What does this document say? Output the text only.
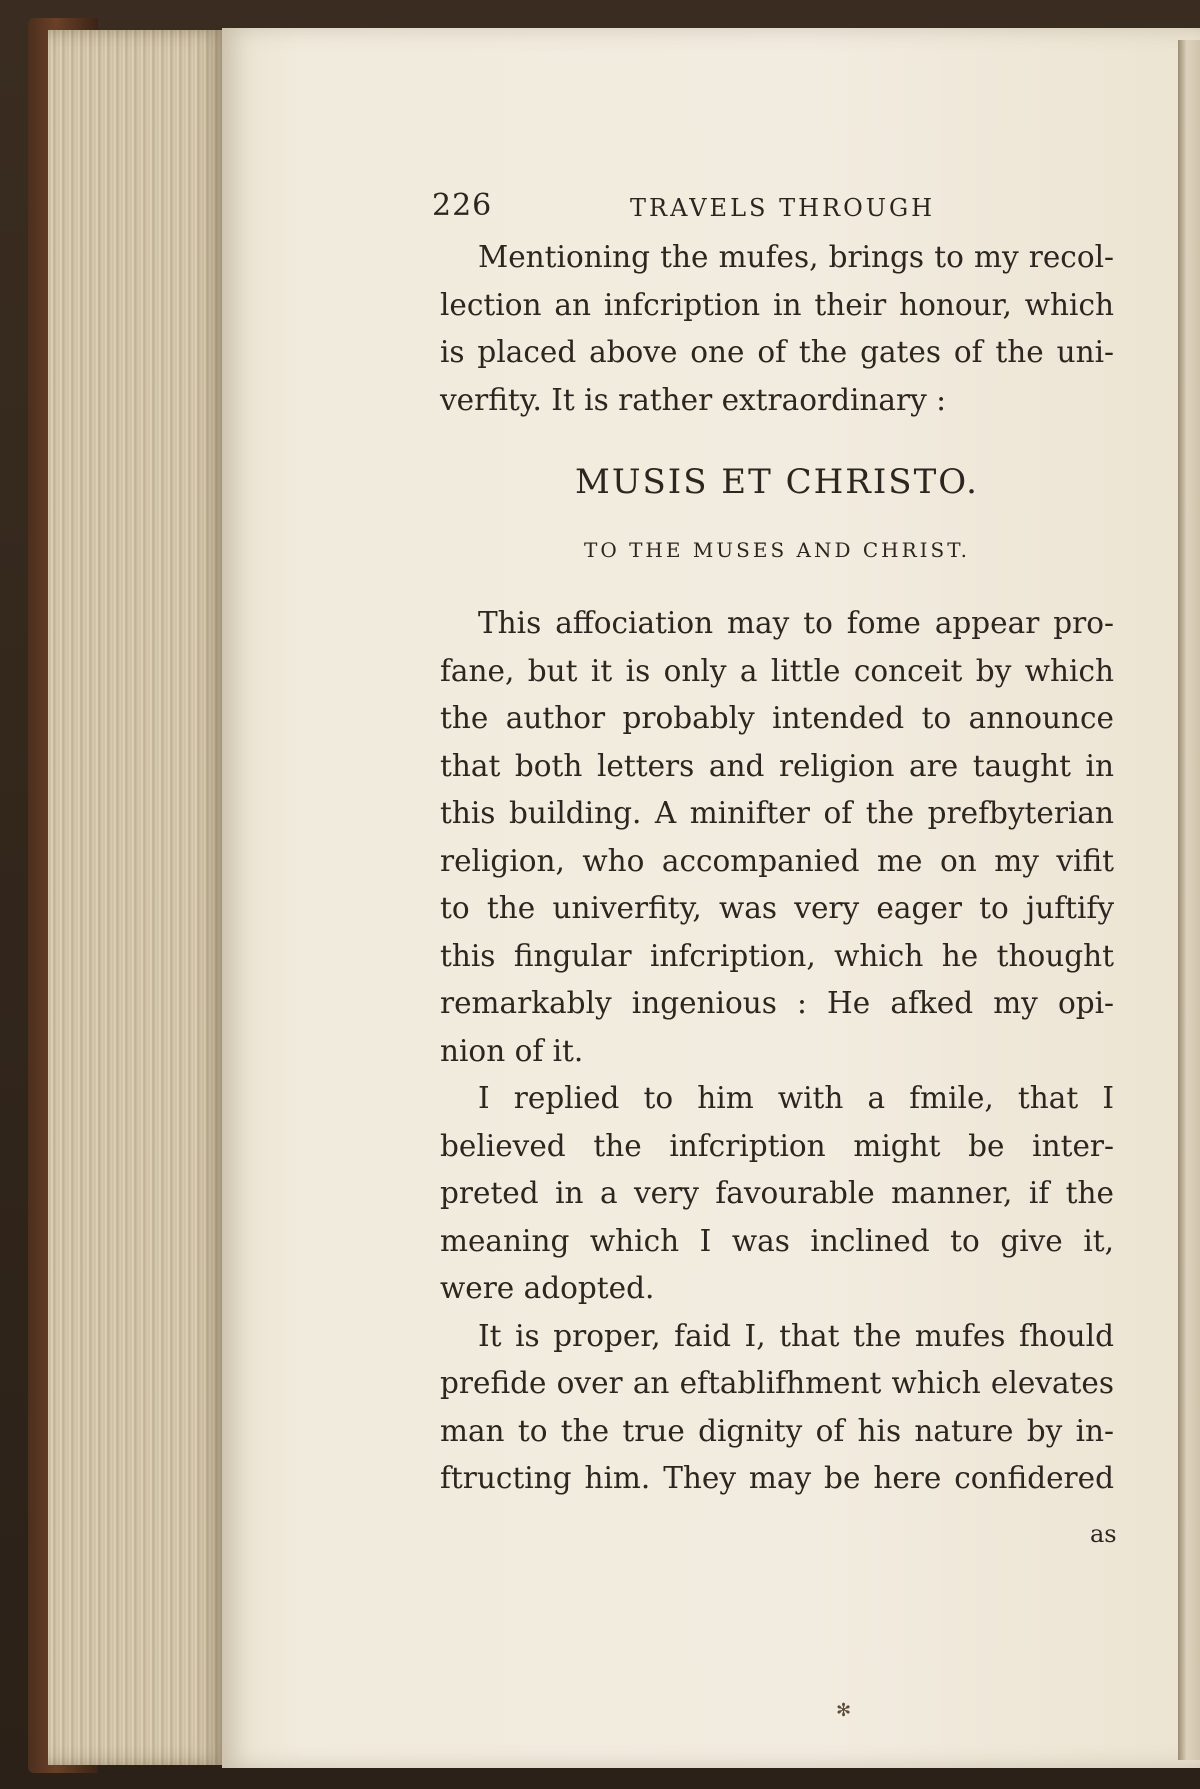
226	TRAVELS THROUGH

Mentioning the mufes, brings to my recol-
lection an infcription in their honour, which
is placed above one of the gates of the uni-
verfity. It is rather extraordinary :

MUSIS ET CHRISTO.
TO THE MUSES AND CHRIST.

This affociation may to fome appear pro-
fane, but it is only a little conceit by which
the author probably intended to announce
that both letters and religion are taught in
this building. A minifter of the prefbyterian
religion, who accompanied me on my vifit
to the univerfity, was very eager to juftify
this fingular infcription, which he thought
remarkably ingenious : He afked my opi-
nion of it.

I replied to him with a fmile, that I
believed the infcription might be inter-
preted in a very favourable manner, if the
meaning which I was inclined to give it,
were adopted.

It is proper, faid I, that the mufes fhould
prefide over an eftablifhment which elevates
man to the true dignity of his nature by in-
ftructing him. They may be here confidered

as
✻
